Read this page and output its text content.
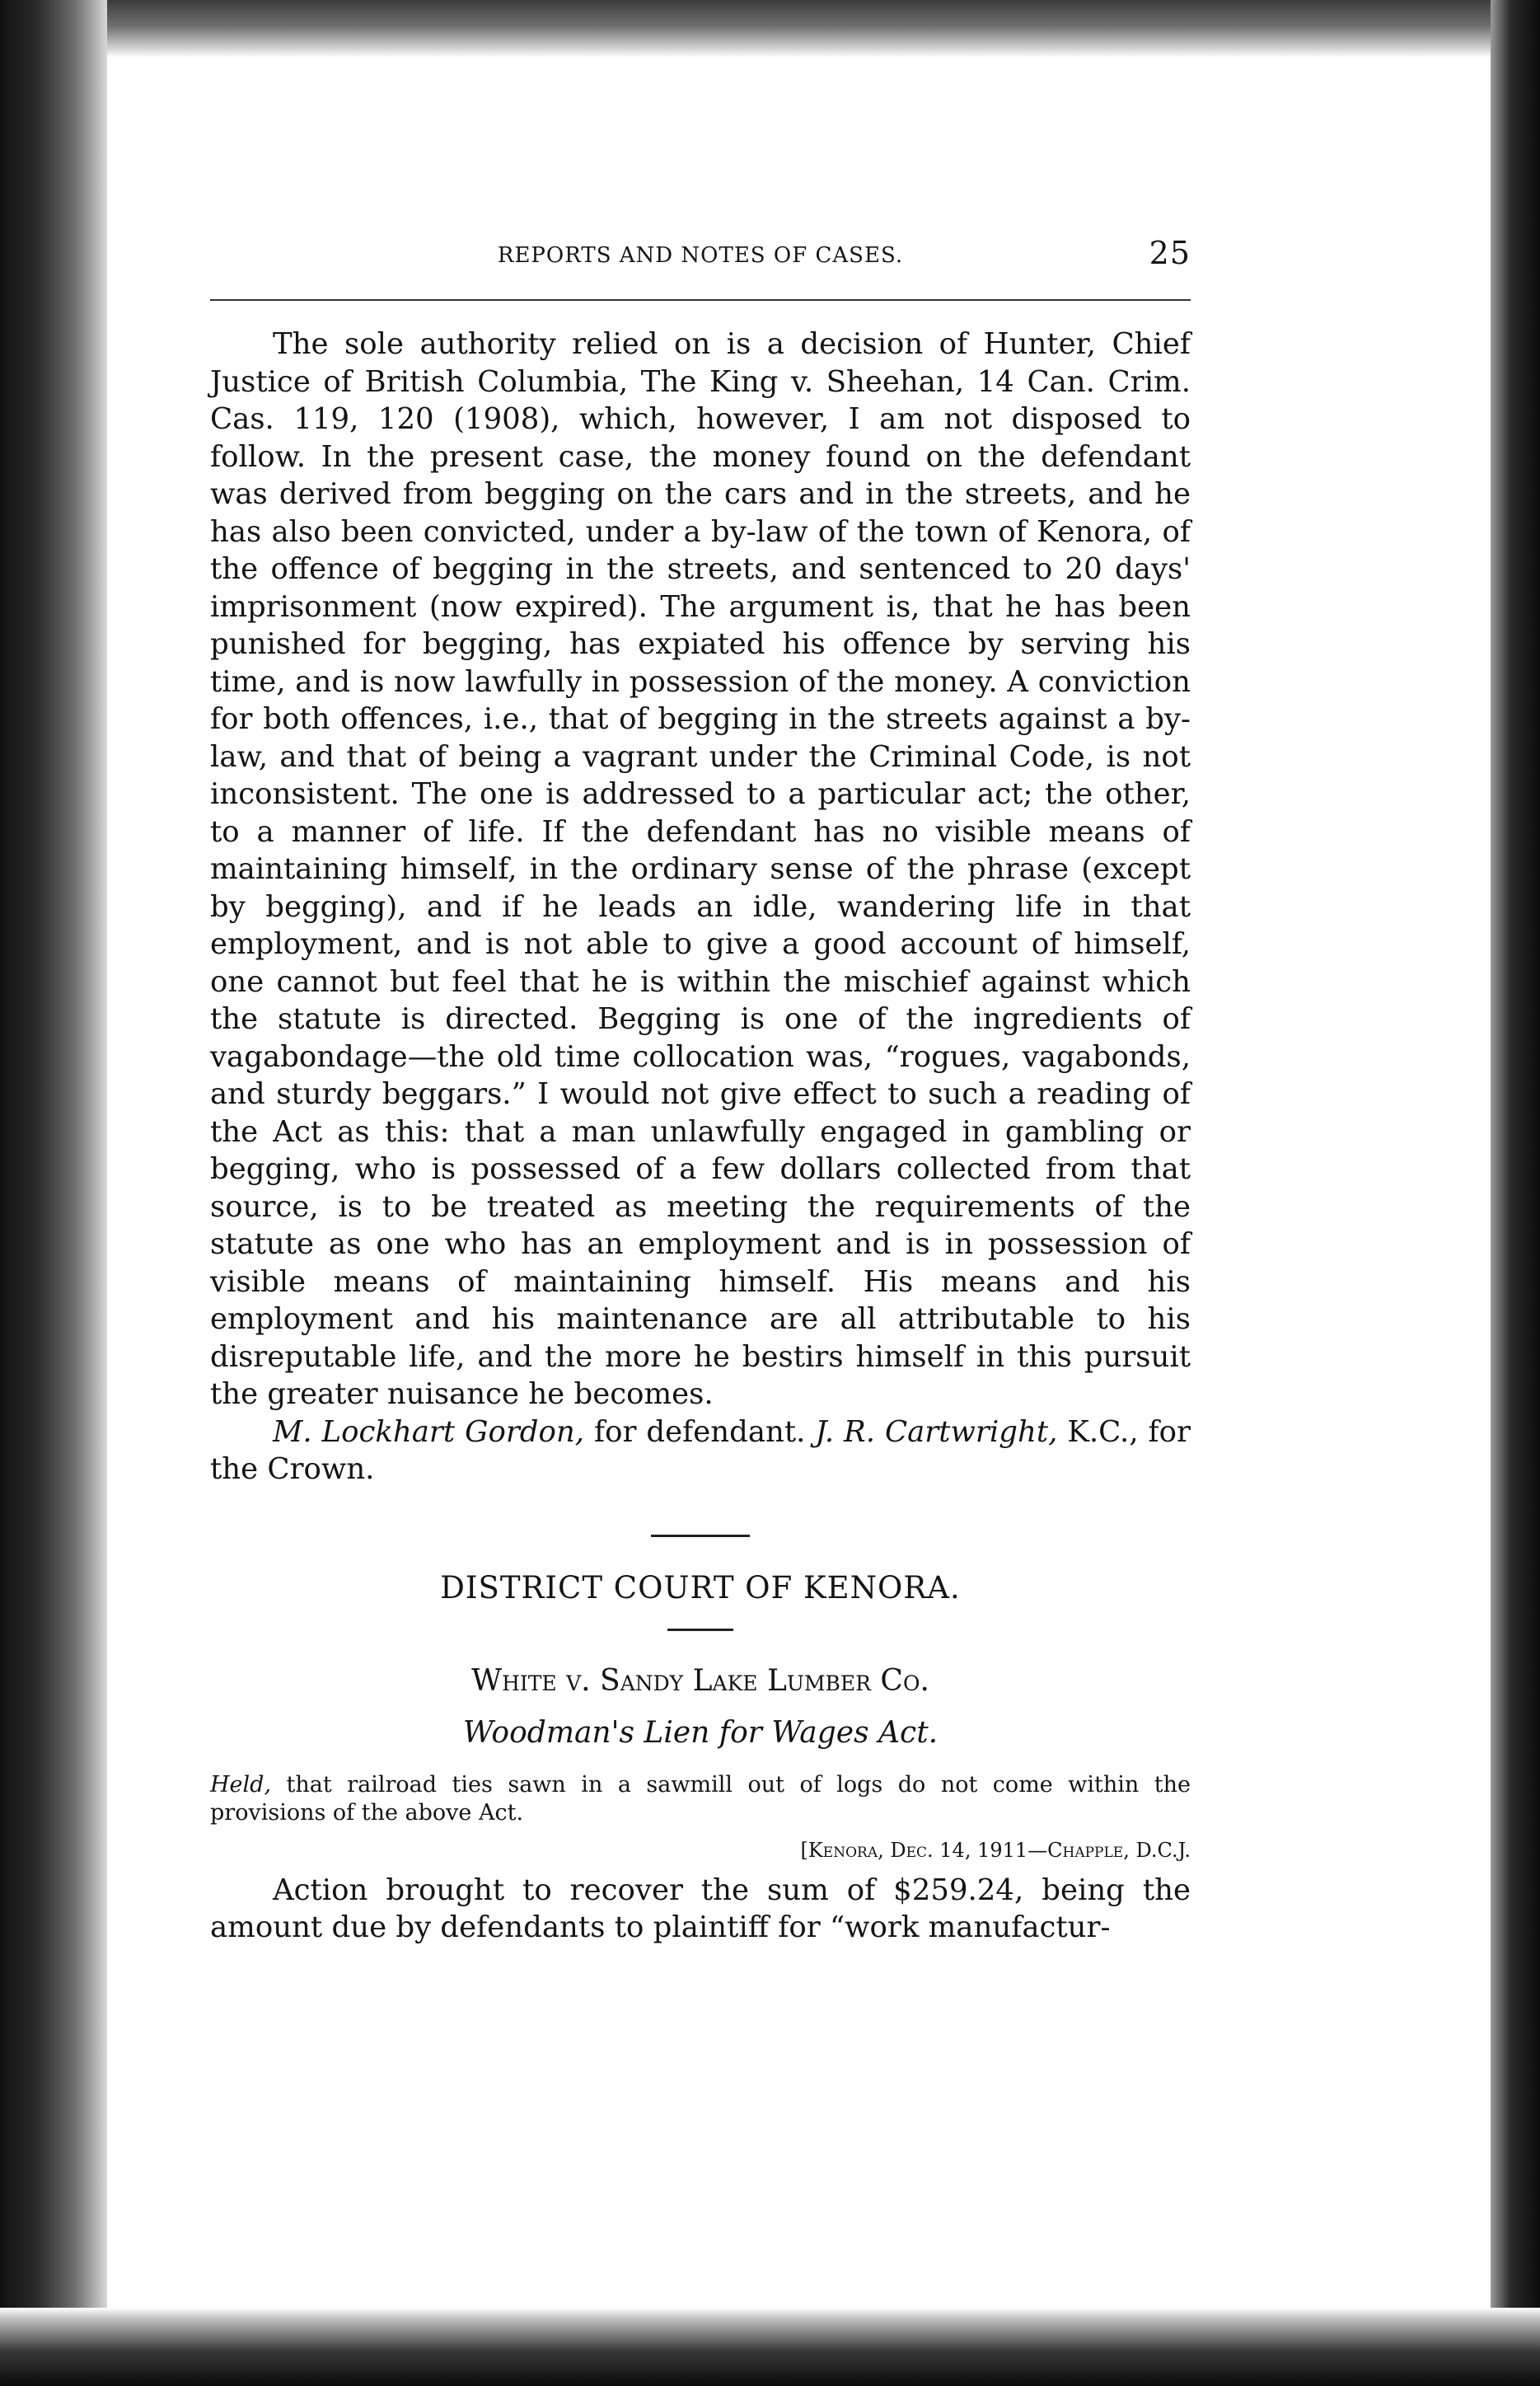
REPORTS AND NOTES OF CASES.	25

The sole authority relied on is a decision of Hunter, Chief Justice of British Columbia, The King v. Sheehan, 14 Can. Crim. Cas. 119, 120 (1908), which, however, I am not disposed to follow. In the present case, the money found on the defendant was derived from begging on the cars and in the streets, and he has also been convicted, under a by-law of the town of Kenora, of the offence of begging in the streets, and sentenced to 20 days' imprisonment (now expired). The argument is, that he has been punished for begging, has expiated his offence by serving his time, and is now lawfully in possession of the money. A conviction for both offences, i.e., that of begging in the streets against a by-law, and that of being a vagrant under the Criminal Code, is not inconsistent. The one is addressed to a particular act; the other, to a manner of life. If the defendant has no visible means of maintaining himself, in the ordinary sense of the phrase (except by begging), and if he leads an idle, wandering life in that employment, and is not able to give a good account of himself, one cannot but feel that he is within the mischief against which the statute is directed. Begging is one of the ingredients of vagabondage—the old time collocation was, “rogues, vagabonds, and sturdy beggars.” I would not give effect to such a reading of the Act as this: that a man unlawfully engaged in gambling or begging, who is possessed of a few dollars collected from that source, is to be treated as meeting the requirements of the statute as one who has an employment and is in possession of visible means of maintaining himself. His means and his employment and his maintenance are all attributable to his disreputable life, and the more he bestirs himself in this pursuit the greater nuisance he becomes.

M. Lockhart Gordon, for defendant. J. R. Cartwright, K.C., for the Crown.

DISTRICT COURT OF KENORA.
White v. Sandy Lake Lumber Co.
Woodman's Lien for Wages Act.

Held, that railroad ties sawn in a sawmill out of logs do not come within the provisions of the above Act.

[Kenora, Dec. 14, 1911—Chapple, D.C.J.

Action brought to recover the sum of $259.24, being the amount due by defendants to plaintiff for “work manufactur-
